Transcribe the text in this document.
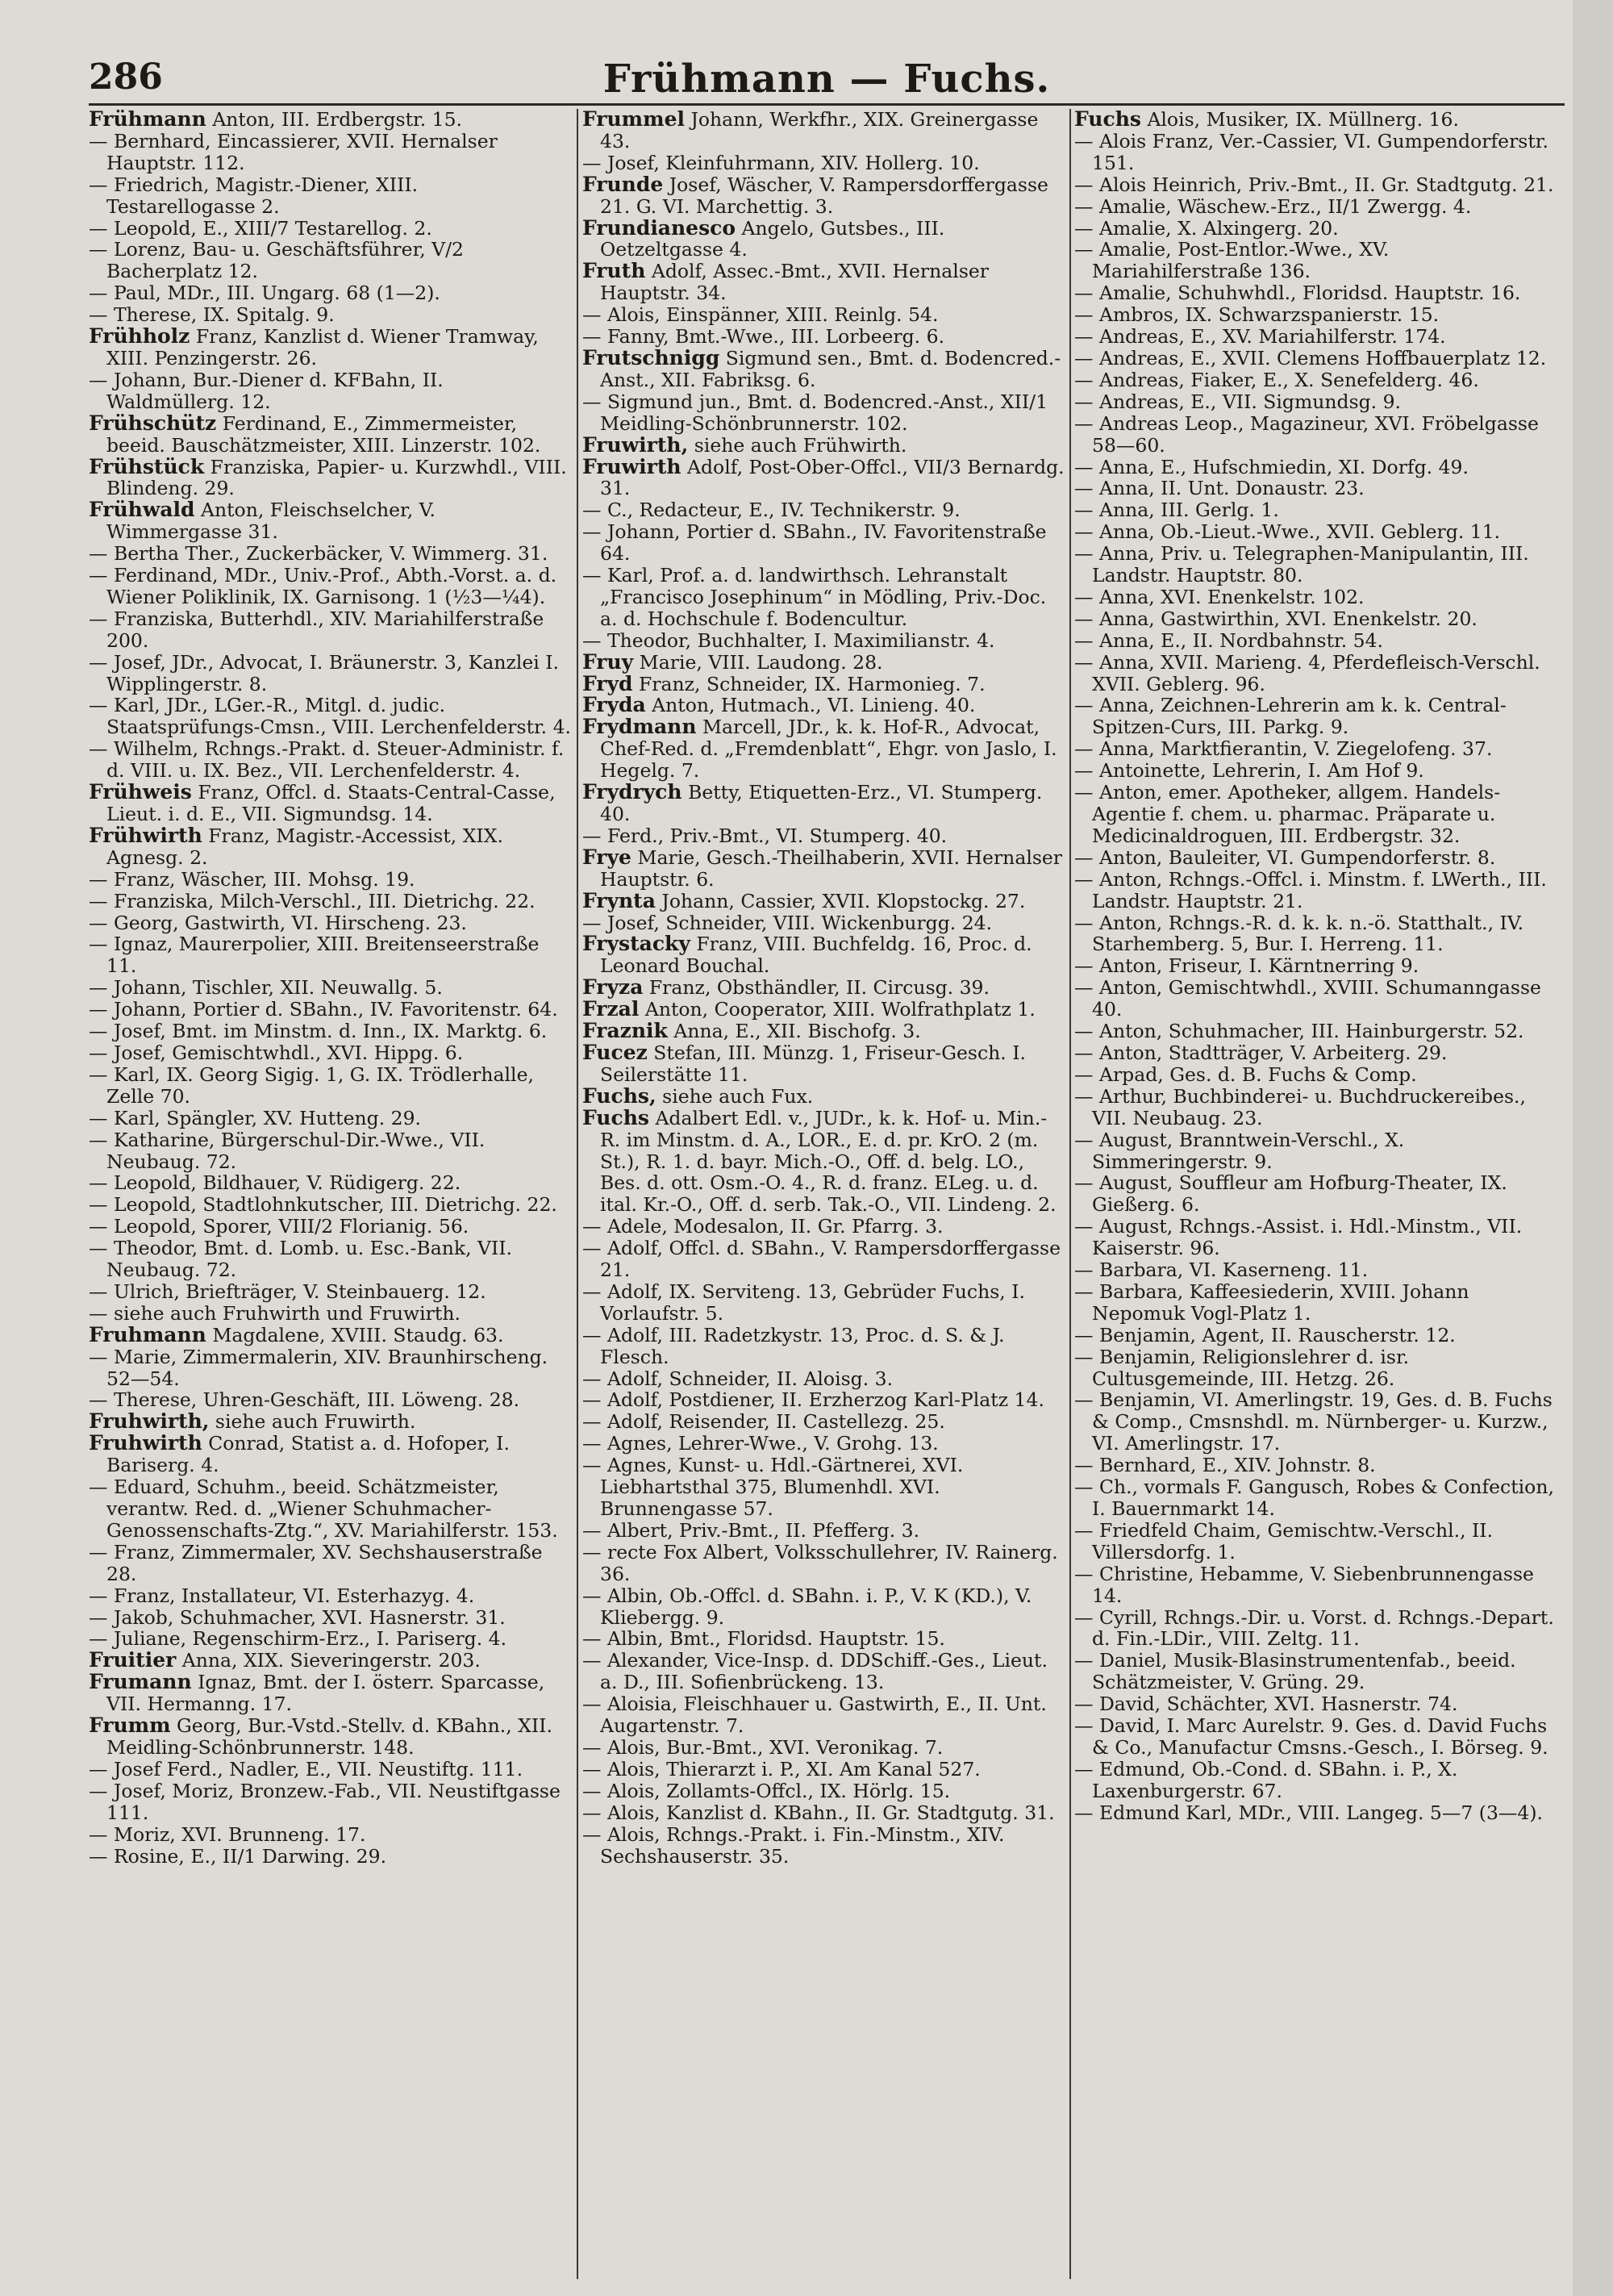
286	Frühmann — Fuchs.

Frühmann Anton, III. Erdbergstr. 15.

— Bernhard, Eincassierer, XVII. Hernalser Hauptstr. 112.

— Friedrich, Magistr.-Diener, XIII. Testarellogasse 2.

— Leopold, E., XIII/7 Testarellog. 2.

— Lorenz, Bau- u. Geschäftsführer, V/2 Bacherplatz 12.

— Paul, MDr., III. Ungarg. 68 (1—2).

— Therese, IX. Spitalg. 9.

Frühholz Franz, Kanzlist d. Wiener Tramway, XIII. Penzingerstr. 26.

— Johann, Bur.-Diener d. KFBahn, II. Waldmüllerg. 12.

Frühschütz Ferdinand, E., Zimmermeister, beeid. Bauschätzmeister, XIII. Linzerstr. 102.

Frühstück Franziska, Papier- u. Kurzwhdl., VIII. Blindeng. 29.

Frühwald Anton, Fleischselcher, V. Wimmergasse 31.

— Bertha Ther., Zuckerbäcker, V. Wimmerg. 31.

— Ferdinand, MDr., Univ.-Prof., Abth.-Vorst. a. d. Wiener Poliklinik, IX. Garnisong. 1 (½3—¼4).

— Franziska, Butterhdl., XIV. Mariahilferstraße 200.

— Josef, JDr., Advocat, I. Bräunerstr. 3, Kanzlei I. Wipplingerstr. 8.

— Karl, JDr., LGer.-R., Mitgl. d. judic. Staatsprüfungs-Cmsn., VIII. Lerchenfelderstr. 4.

— Wilhelm, Rchngs.-Prakt. d. Steuer-Administr. f. d. VIII. u. IX. Bez., VII. Lerchenfelderstr. 4.

Frühweis Franz, Offcl. d. Staats-Central-Casse, Lieut. i. d. E., VII. Sigmundsg. 14.

Frühwirth Franz, Magistr.-Accessist, XIX. Agnesg. 2.

— Franz, Wäscher, III. Mohsg. 19.

— Franziska, Milch-Verschl., III. Dietrichg. 22.

— Georg, Gastwirth, VI. Hirscheng. 23.

— Ignaz, Maurerpolier, XIII. Breitenseerstraße 11.

— Johann, Tischler, XII. Neuwallg. 5.

— Johann, Portier d. SBahn., IV. Favoritenstr. 64.

— Josef, Bmt. im Minstm. d. Inn., IX. Marktg. 6.

— Josef, Gemischtwhdl., XVI. Hippg. 6.

— Karl, IX. Georg Sigig. 1, G. IX. Trödlerhalle, Zelle 70.

— Karl, Spängler, XV. Hutteng. 29.

— Katharine, Bürgerschul-Dir.-Wwe., VII. Neubaug. 72.

— Leopold, Bildhauer, V. Rüdigerg. 22.

— Leopold, Stadtlohnkutscher, III. Dietrichg. 22.

— Leopold, Sporer, VIII/2 Florianig. 56.

— Theodor, Bmt. d. Lomb. u. Esc.-Bank, VII. Neubaug. 72.

— Ulrich, Briefträger, V. Steinbauerg. 12.

— siehe auch Fruhwirth und Fruwirth.

Fruhmann Magdalene, XVIII. Staudg. 63.

— Marie, Zimmermalerin, XIV. Braunhirscheng. 52—54.

— Therese, Uhren-Geschäft, III. Löweng. 28.

Fruhwirth, siehe auch Fruwirth.

Fruhwirth Conrad, Statist a. d. Hofoper, I. Bariserg. 4.

— Eduard, Schuhm., beeid. Schätzmeister, verantw. Red. d. „Wiener Schuhmacher-Genossenschafts-Ztg.“, XV. Mariahilferstr. 153.

— Franz, Zimmermaler, XV. Sechshauserstraße 28.

— Franz, Installateur, VI. Esterhazyg. 4.

— Jakob, Schuhmacher, XVI. Hasnerstr. 31.

— Juliane, Regenschirm-Erz., I. Pariserg. 4.

Fruitier Anna, XIX. Sieveringerstr. 203.

Frumann Ignaz, Bmt. der I. österr. Sparcasse, VII. Hermanng. 17.

Frumm Georg, Bur.-Vstd.-Stellv. d. KBahn., XII. Meidling-Schönbrunnerstr. 148.

— Josef Ferd., Nadler, E., VII. Neustiftg. 111.

— Josef, Moriz, Bronzew.-Fab., VII. Neustiftgasse 111.

— Moriz, XVI. Brunneng. 17.

— Rosine, E., II/1 Darwing. 29.

Frummel Johann, Werkfhr., XIX. Greinergasse 43.

— Josef, Kleinfuhrmann, XIV. Hollerg. 10.

Frunde Josef, Wäscher, V. Rampersdorffergasse 21. G. VI. Marchettig. 3.

Frundianesco Angelo, Gutsbes., III. Oetzeltgasse 4.

Fruth Adolf, Assec.-Bmt., XVII. Hernalser Hauptstr. 34.

— Alois, Einspänner, XIII. Reinlg. 54.

— Fanny, Bmt.-Wwe., III. Lorbeerg. 6.

Frutschnigg Sigmund sen., Bmt. d. Bodencred.-Anst., XII. Fabriksg. 6.

— Sigmund jun., Bmt. d. Bodencred.-Anst., XII/1 Meidling-Schönbrunnerstr. 102.

Fruwirth, siehe auch Frühwirth.

Fruwirth Adolf, Post-Ober-Offcl., VII/3 Bernardg. 31.

— C., Redacteur, E., IV. Technikerstr. 9.

— Johann, Portier d. SBahn., IV. Favoritenstraße 64.

— Karl, Prof. a. d. landwirthsch. Lehranstalt „Francisco Josephinum“ in Mödling, Priv.-Doc. a. d. Hochschule f. Bodencultur.

— Theodor, Buchhalter, I. Maximilianstr. 4.

Fruy Marie, VIII. Laudong. 28.

Fryd Franz, Schneider, IX. Harmonieg. 7.

Fryda Anton, Hutmach., VI. Linieng. 40.

Frydmann Marcell, JDr., k. k. Hof-R., Advocat, Chef-Red. d. „Fremdenblatt“, Ehgr. von Jaslo, I. Hegelg. 7.

Frydrych Betty, Etiquetten-Erz., VI. Stumperg. 40.

— Ferd., Priv.-Bmt., VI. Stumperg. 40.

Frye Marie, Gesch.-Theilhaberin, XVII. Hernalser Hauptstr. 6.

Frynta Johann, Cassier, XVII. Klopstockg. 27.

— Josef, Schneider, VIII. Wickenburgg. 24.

Frystacky Franz, VIII. Buchfeldg. 16, Proc. d. Leonard Bouchal.

Fryza Franz, Obsthändler, II. Circusg. 39.

Frzal Anton, Cooperator, XIII. Wolfrathplatz 1.

Fraznik Anna, E., XII. Bischofg. 3.

Fucez Stefan, III. Münzg. 1, Friseur-Gesch. I. Seilerstätte 11.

Fuchs, siehe auch Fux.

Fuchs Adalbert Edl. v., JUDr., k. k. Hof- u. Min.-R. im Minstm. d. A., LOR., E. d. pr. KrO. 2 (m. St.), R. 1. d. bayr. Mich.-O., Off. d. belg. LO., Bes. d. ott. Osm.-O. 4., R. d. franz. ELeg. u. d. ital. Kr.-O., Off. d. serb. Tak.-O., VII. Lindeng. 2.

— Adele, Modesalon, II. Gr. Pfarrg. 3.

— Adolf, Offcl. d. SBahn., V. Rampersdorffergasse 21.

— Adolf, IX. Serviteng. 13, Gebrüder Fuchs, I. Vorlaufstr. 5.

— Adolf, III. Radetzkystr. 13, Proc. d. S. & J. Flesch.

— Adolf, Schneider, II. Aloisg. 3.

— Adolf, Postdiener, II. Erzherzog Karl-Platz 14.

— Adolf, Reisender, II. Castellezg. 25.

— Agnes, Lehrer-Wwe., V. Grohg. 13.

— Agnes, Kunst- u. Hdl.-Gärtnerei, XVI. Liebhartsthal 375, Blumenhdl. XVI. Brunnengasse 57.

— Albert, Priv.-Bmt., II. Pfefferg. 3.

— recte Fox Albert, Volksschullehrer, IV. Rainerg. 36.

— Albin, Ob.-Offcl. d. SBahn. i. P., V. K (KD.), V. Kliebergg. 9.

— Albin, Bmt., Floridsd. Hauptstr. 15.

— Alexander, Vice-Insp. d. DDSchiff.-Ges., Lieut. a. D., III. Sofienbrückeng. 13.

— Aloisia, Fleischhauer u. Gastwirth, E., II. Unt. Augartenstr. 7.

— Alois, Bur.-Bmt., XVI. Veronikag. 7.

— Alois, Thierarzt i. P., XI. Am Kanal 527.

— Alois, Zollamts-Offcl., IX. Hörlg. 15.

— Alois, Kanzlist d. KBahn., II. Gr. Stadtgutg. 31.

— Alois, Rchngs.-Prakt. i. Fin.-Minstm., XIV. Sechshauserstr. 35.

Fuchs Alois, Musiker, IX. Müllnerg. 16.

— Alois Franz, Ver.-Cassier, VI. Gumpendorferstr. 151.

— Alois Heinrich, Priv.-Bmt., II. Gr. Stadtgutg. 21.

— Amalie, Wäschew.-Erz., II/1 Zwergg. 4.

— Amalie, X. Alxingerg. 20.

— Amalie, Post-Entlor.-Wwe., XV. Mariahilferstraße 136.

— Amalie, Schuhwhdl., Floridsd. Hauptstr. 16.

— Ambros, IX. Schwarzspanierstr. 15.

— Andreas, E., XV. Mariahilferstr. 174.

— Andreas, E., XVII. Clemens Hoffbauerplatz 12.

— Andreas, Fiaker, E., X. Senefelderg. 46.

— Andreas, E., VII. Sigmundsg. 9.

— Andreas Leop., Magazineur, XVI. Fröbelgasse 58—60.

— Anna, E., Hufschmiedin, XI. Dorfg. 49.

— Anna, II. Unt. Donaustr. 23.

— Anna, III. Gerlg. 1.

— Anna, Ob.-Lieut.-Wwe., XVII. Geblerg. 11.

— Anna, Priv. u. Telegraphen-Manipulantin, III. Landstr. Hauptstr. 80.

— Anna, XVI. Enenkelstr. 102.

— Anna, Gastwirthin, XVI. Enenkelstr. 20.

— Anna, E., II. Nordbahnstr. 54.

— Anna, XVII. Marieng. 4, Pferdefleisch-Verschl. XVII. Geblerg. 96.

— Anna, Zeichnen-Lehrerin am k. k. Central-Spitzen-Curs, III. Parkg. 9.

— Anna, Marktfierantin, V. Ziegelofeng. 37.

— Antoinette, Lehrerin, I. Am Hof 9.

— Anton, emer. Apotheker, allgem. Handels-Agentie f. chem. u. pharmac. Präparate u. Medicinaldroguen, III. Erdbergstr. 32.

— Anton, Bauleiter, VI. Gumpendorferstr. 8.

— Anton, Rchngs.-Offcl. i. Minstm. f. LWerth., III. Landstr. Hauptstr. 21.

— Anton, Rchngs.-R. d. k. k. n.-ö. Statthalt., IV. Starhemberg. 5, Bur. I. Herreng. 11.

— Anton, Friseur, I. Kärntnerring 9.

— Anton, Gemischtwhdl., XVIII. Schumanngasse 40.

— Anton, Schuhmacher, III. Hainburgerstr. 52.

— Anton, Stadtträger, V. Arbeiterg. 29.

— Arpad, Ges. d. B. Fuchs & Comp.

— Arthur, Buchbinderei- u. Buchdruckereibes., VII. Neubaug. 23.

— August, Branntwein-Verschl., X. Simmeringerstr. 9.

— August, Souffleur am Hofburg-Theater, IX. Gießerg. 6.

— August, Rchngs.-Assist. i. Hdl.-Minstm., VII. Kaiserstr. 96.

— Barbara, VI. Kaserneng. 11.

— Barbara, Kaffeesiederin, XVIII. Johann Nepomuk Vogl-Platz 1.

— Benjamin, Agent, II. Rauscherstr. 12.

— Benjamin, Religionslehrer d. isr. Cultusgemeinde, III. Hetzg. 26.

— Benjamin, VI. Amerlingstr. 19, Ges. d. B. Fuchs & Comp., Cmsnshdl. m. Nürnberger- u. Kurzw., VI. Amerlingstr. 17.

— Bernhard, E., XIV. Johnstr. 8.

— Ch., vormals F. Gangusch, Robes & Confection, I. Bauernmarkt 14.

— Friedfeld Chaim, Gemischtw.-Verschl., II. Villersdorfg. 1.

— Christine, Hebamme, V. Siebenbrunnengasse 14.

— Cyrill, Rchngs.-Dir. u. Vorst. d. Rchngs.-Depart. d. Fin.-LDir., VIII. Zeltg. 11.

— Daniel, Musik-Blasinstrumentenfab., beeid. Schätzmeister, V. Grüng. 29.

— David, Schächter, XVI. Hasnerstr. 74.

— David, I. Marc Aurelstr. 9. Ges. d. David Fuchs & Co., Manufactur Cmsns.-Gesch., I. Börseg. 9.

— Edmund, Ob.-Cond. d. SBahn. i. P., X. Laxenburgerstr. 67.

— Edmund Karl, MDr., VIII. Langeg. 5—7 (3—4).
